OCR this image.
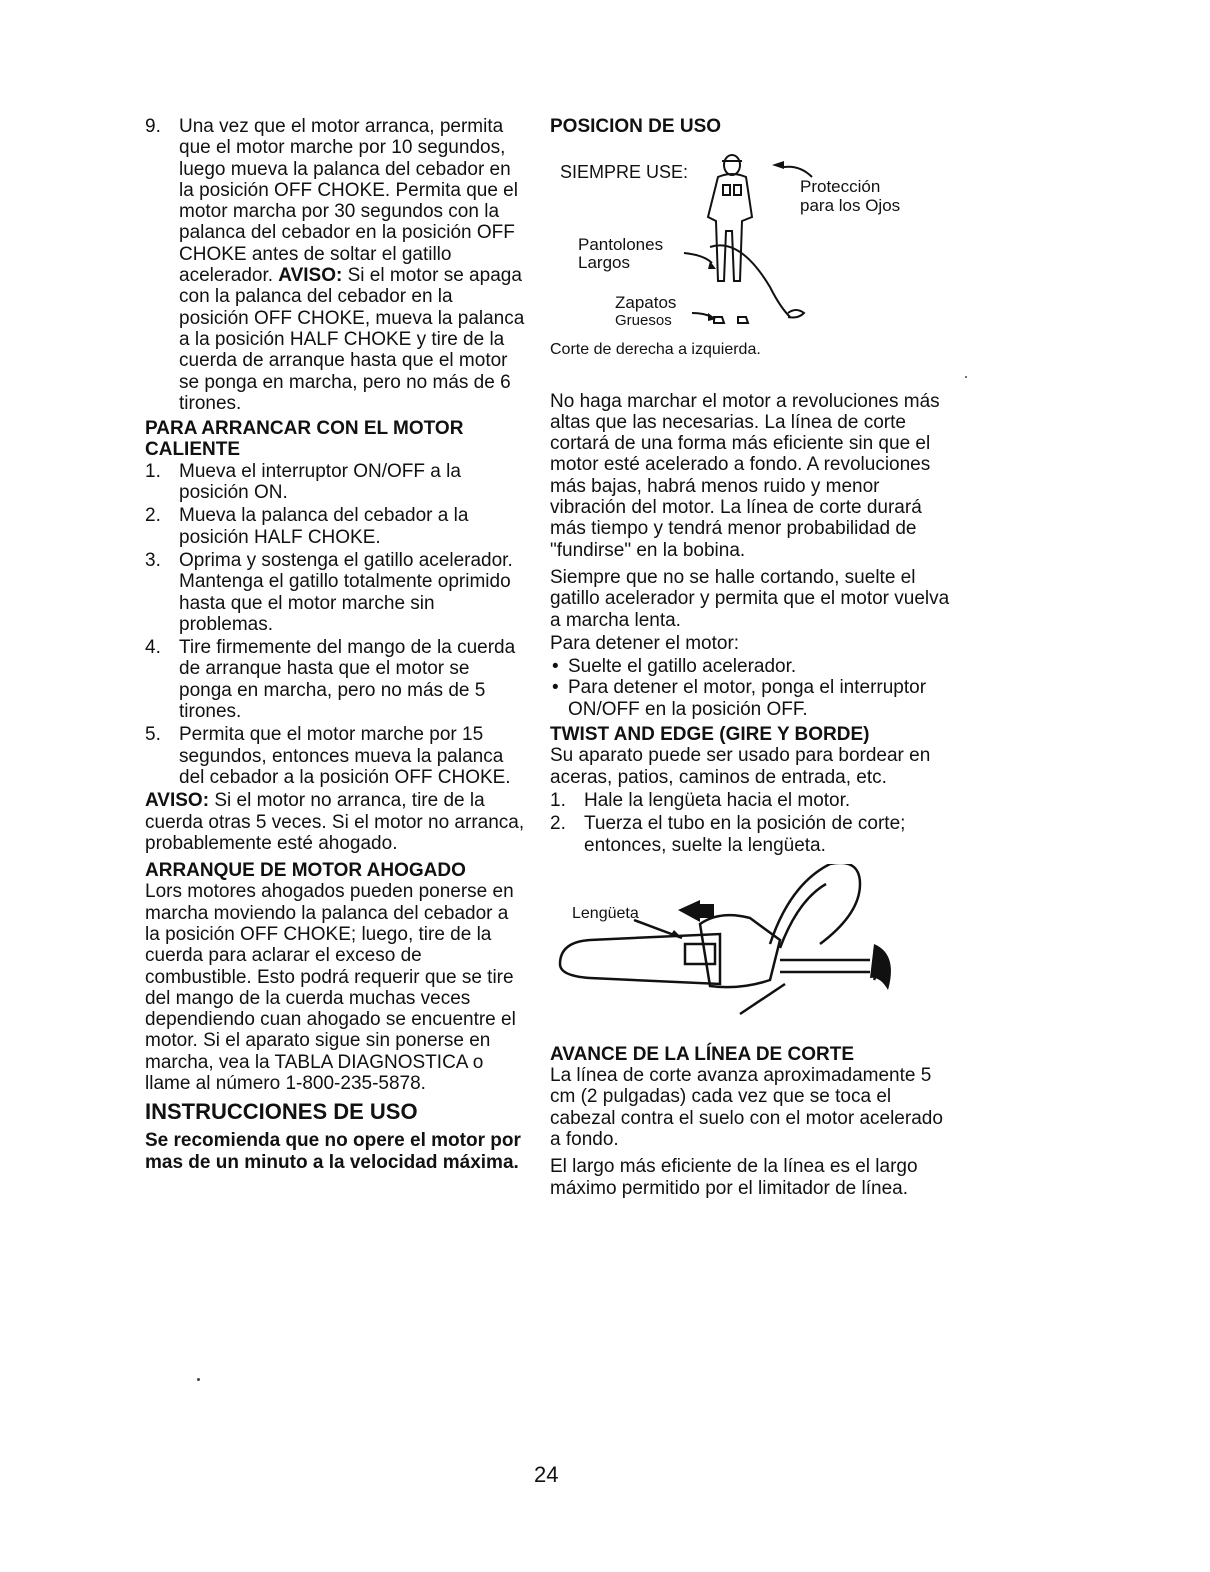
9. Una vez que el motor arranca, permita que el motor marche por 10 segundos, luego mueva la palanca del cebador en la posición OFF CHOKE. Permita que el motor marcha por 30 segundos con la palanca del cebador en la posición OFF CHOKE antes de soltar el gatillo acelerador. AVISO: Si el motor se apaga con la palanca del cebador en la posición OFF CHOKE, mueva la palanca a la posición HALF CHOKE y tire de la cuerda de arranque hasta que el motor se ponga en marcha, pero no más de 6 tirones.

PARA ARRANCAR CON EL MOTOR CALIENTE

1. Mueva el interruptor ON/OFF a la posición ON.
2. Mueva la palanca del cebador a la posición HALF CHOKE.
3. Oprima y sostenga el gatillo acelerador. Mantenga el gatillo totalmente oprimido hasta que el motor marche sin problemas.
4. Tire firmemente del mango de la cuerda de arranque hasta que el motor se ponga en marcha, pero no más de 5 tirones.
5. Permita que el motor marche por 15 segundos, entonces mueva la palanca del cebador a la posición OFF CHOKE.

AVISO: Si el motor no arranca, tire de la cuerda otras 5 veces. Si el motor no arranca, probablemente esté ahogado.

ARRANQUE DE MOTOR AHOGADO

Lors motores ahogados pueden ponerse en marcha moviendo la palanca del cebador a la posición OFF CHOKE; luego, tire de la cuerda para aclarar el exceso de combustible. Esto podrá requerir que se tire del mango de la cuerda muchas veces dependiendo cuan ahogado se encuentre el motor. Si el aparato sigue sin ponerse en marcha, vea la TABLA DIAGNOSTICA o llame al número 1-800-235-5878.

INSTRUCCIONES DE USO

Se recomienda que no opere el motor por mas de un minuto a la velocidad máxima.

POSICION DE USO

SIEMPRE USE:
Protección
para los Ojos
Pantolones
Largos
Zapatos
Gruesos

Corte de derecha a izquierda.

No haga marchar el motor a revoluciones más altas que las necesarias. La línea de corte cortará de una forma más eficiente sin que el motor esté acelerado a fondo. A revoluciones más bajas, habrá menos ruido y menor vibración del motor. La línea de corte durará más tiempo y tendrá menor probabilidad de "fundirse" en la bobina.

Siempre que no se halle cortando, suelte el gatillo acelerador y permita que el motor vuelva a marcha lenta.

Para detener el motor:

• Suelte el gatillo acelerador.
• Para detener el motor, ponga el interruptor ON/OFF en la posición OFF.

TWIST AND EDGE (GIRE Y BORDE)

Su aparato puede ser usado para bordear en aceras, patios, caminos de entrada, etc.

1. Hale la lengüeta hacia el motor.
2. Tuerza el tubo en la posición de corte; entonces, suelte la lengüeta.
Lengüeta

AVANCE DE LA LÍNEA DE CORTE

La línea de corte avanza aproximadamente 5 cm (2 pulgadas) cada vez que se toca el cabezal contra el suelo con el motor acelerado a fondo.

El largo más eficiente de la línea es el largo máximo permitido por el limitador de línea.

24
